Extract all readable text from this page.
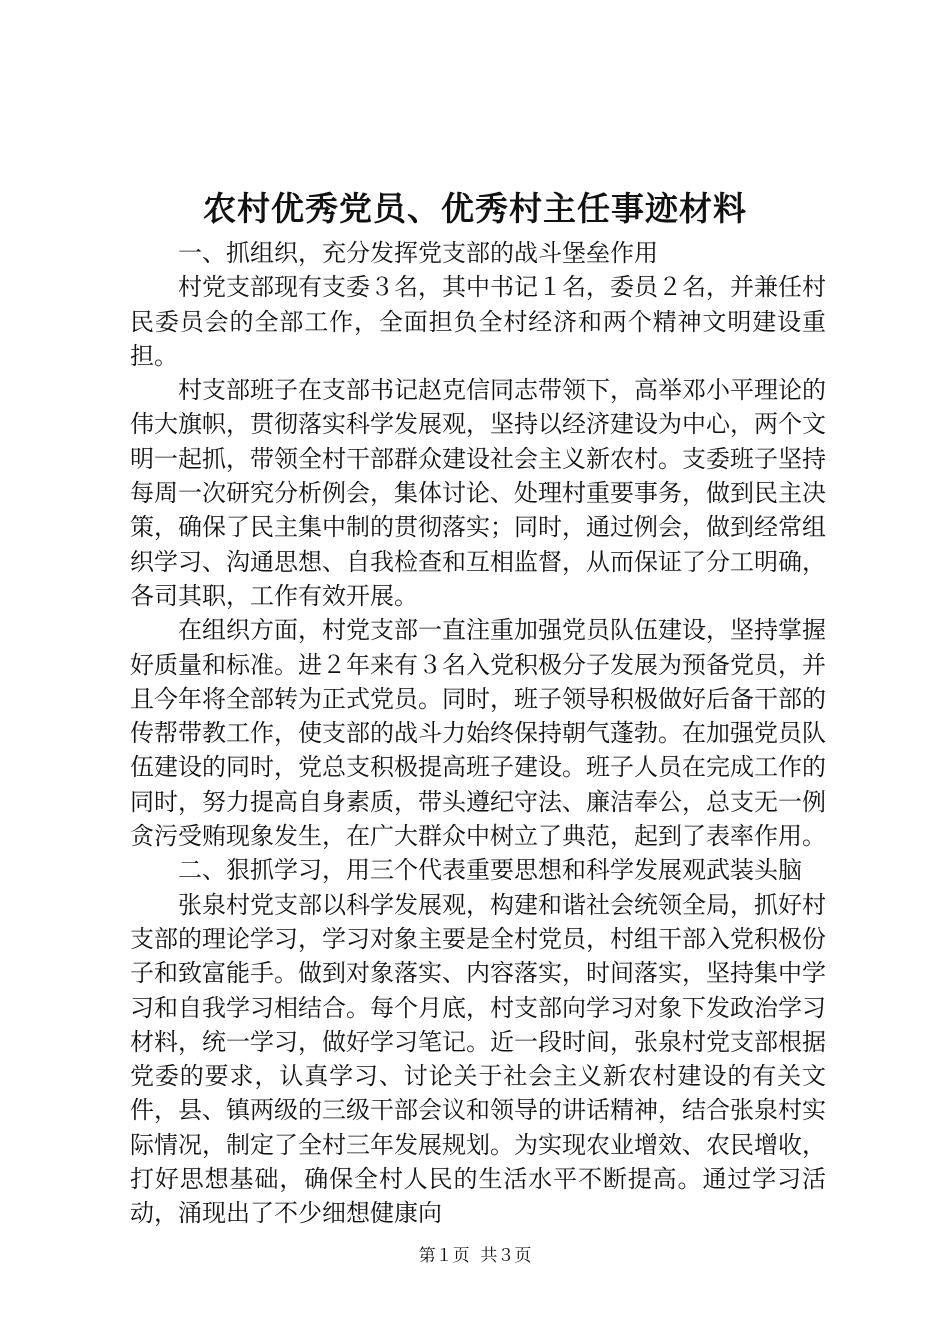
农村优秀党员、优秀村主任事迹材料

一、抓组织，充分发挥党支部的战斗堡垒作用

村党支部现有支委３名，其中书记１名，委员２名，并兼任村民委员会的全部工作，全面担负全村经济和两个精神文明建设重担。

村支部班子在支部书记赵克信同志带领下，高举邓小平理论的伟大旗帜，贯彻落实科学发展观，坚持以经济建设为中心，两个文明一起抓，带领全村干部群众建设社会主义新农村。支委班子坚持每周一次研究分析例会，集体讨论、处理村重要事务，做到民主决策，确保了民主集中制的贯彻落实；同时，通过例会，做到经常组织学习、沟通思想、自我检查和互相监督，从而保证了分工明确，各司其职，工作有效开展。

在组织方面，村党支部一直注重加强党员队伍建设，坚持掌握好质量和标准。进２年来有３名入党积极分子发展为预备党员，并且今年将全部转为正式党员。同时，班子领导积极做好后备干部的传帮带教工作，使支部的战斗力始终保持朝气蓬勃。在加强党员队伍建设的同时，党总支积极提高班子建设。班子人员在完成工作的同时，努力提高自身素质，带头遵纪守法、廉洁奉公，总支无一例贪污受贿现象发生，在广大群众中树立了典范，起到了表率作用。

二、狠抓学习，用三个代表重要思想和科学发展观武装头脑

张泉村党支部以科学发展观，构建和谐社会统领全局，抓好村支部的理论学习，学习对象主要是全村党员，村组干部入党积极份子和致富能手。做到对象落实、内容落实，时间落实，坚持集中学习和自我学习相结合。每个月底，村支部向学习对象下发政治学习材料，统一学习，做好学习笔记。近一段时间，张泉村党支部根据党委的要求，认真学习、讨论关于社会主义新农村建设的有关文件，县、镇两级的三级干部会议和领导的讲话精神，结合张泉村实际情况，制定了全村三年发展规划。为实现农业增效、农民增收，打好思想基础，确保全村人民的生活水平不断提高。通过学习活动，涌现出了不少细想健康向

第１页  共３页
